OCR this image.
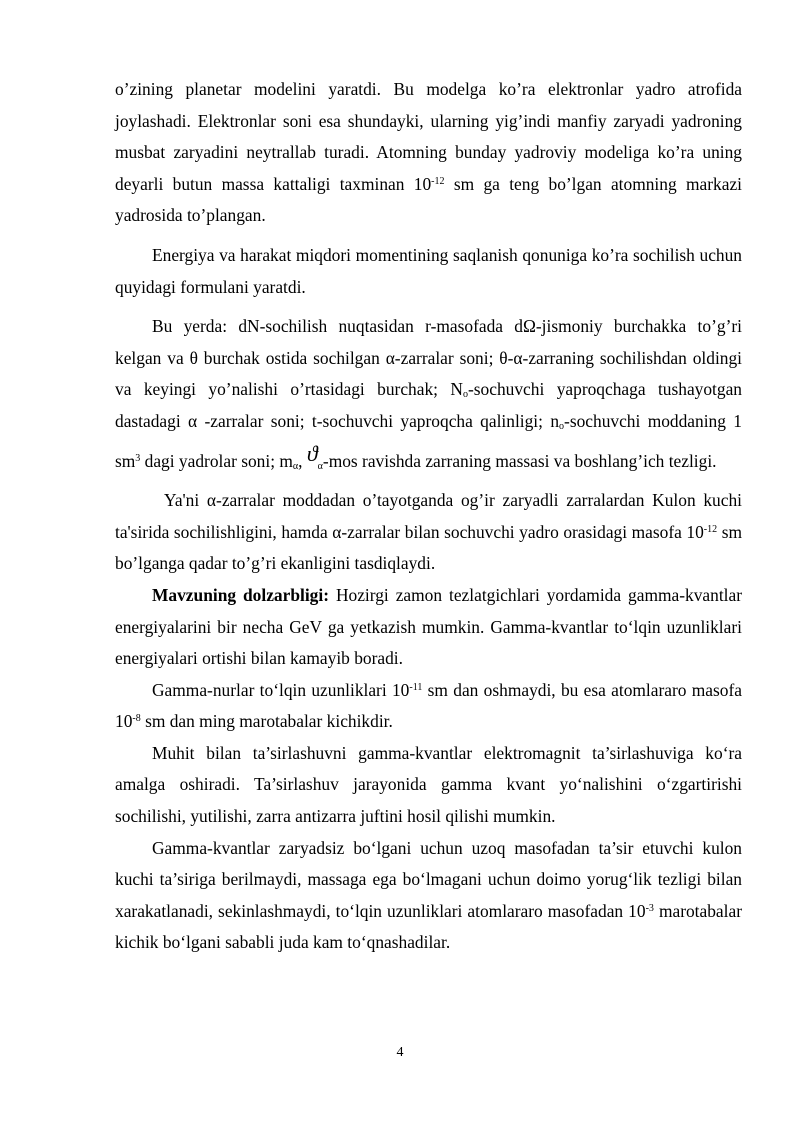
o’zining planetar modelini yaratdi. Bu modelga ko’ra elektronlar yadro atrofida joylashadi. Elektronlar soni esa shundayki, ularning yig’indi manfiy zaryadi yadroning musbat zaryadini neytrallab turadi. Atomning bunday yadroviy modeliga ko’ra uning deyarli butun massa kattaligi taxminan $10^{-12}$ sm ga teng bo’lgan atomning markazi yadrosida to’plangan.

Energiya va harakat miqdori momentining saqlanish qonuniga ko’ra sochilish uchun quyidagi formulani yaratdi.

Bu yerda: dN-sochilish nuqtasidan r-masofada dΩ-jismoniy burchakka to’g’ri kelgan va θ burchak ostida sochilgan α-zarralar soni; θ-α-zarraning sochilishdan oldingi va keyingi yo’nalishi o’rtasidagi burchak; $N_o$-sochuvchi yaproqchaga tushayotgan dastadagi α -zarralar soni; t-sochuvchi yaproqcha qalinligi; $n_o$-sochuvchi moddaning 1 $sm^3$ dagi yadrolar soni; $m_\alpha$, $ϑ_\alpha$-mos ravishda zarraning massasi va boshlang’ich tezligi.

Ya'ni α-zarralar moddadan o’tayotganda og’ir zaryadli zarralardan Kulon kuchi ta'sirida sochilishligini, hamda α-zarralar bilan sochuvchi yadro orasidagi masofa $10^{-12}$ sm bo’lganga qadar to’g’ri ekanligini tasdiqlaydi.

Mavzuning dolzarbligi: Hozirgi zamon tezlatgichlari yordamida gamma-kvantlar energiyalarini bir necha GeV ga yetkazish mumkin. Gamma-kvantlar to‘lqin uzunliklari energiyalari ortishi bilan kamayib boradi.

Gamma-nurlar to‘lqin uzunliklari $10^{-11}$ sm dan oshmaydi, bu esa atomlararo masofa $10^{-8}$ sm dan ming marotabalar kichikdir.

Muhit bilan ta’sirlashuvni gamma-kvantlar elektromagnit ta’sirlashuviga ko‘ra amalga oshiradi. Ta’sirlashuv jarayonida gamma kvant yo‘nalishini o‘zgartirishi sochilishi, yutilishi, zarra antizarra juftini hosil qilishi mumkin.

Gamma-kvantlar zaryadsiz bo‘lgani uchun uzoq masofadan ta’sir etuvchi kulon kuchi ta’siriga berilmaydi, massaga ega bo‘lmagani uchun doimo yorug‘lik tezligi bilan xarakatlanadi, sekinlashmaydi, to‘lqin uzunliklari atomlararo masofadan $10^{-3}$ marotabalar kichik bo‘lgani sababli juda kam to‘qnashadilar.

4
